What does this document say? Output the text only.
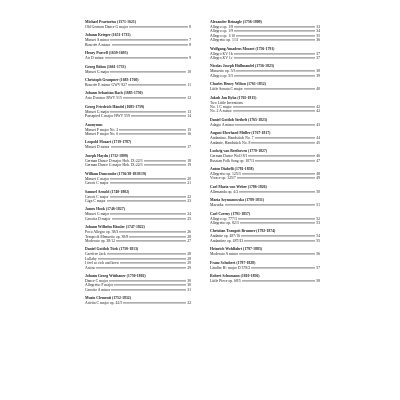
Michael Praetorius (1571-1621)
Old German Dance G major	8
Johann Krieger (1651-1735)
Minuet A minor	7
Bourrée A minor	8
Henry Purcell (1659-1695)
Air D minor	9
Georg Böhm (1661-1733)
Minuet G major	10
Christoph Graupner (1683-1760)
Bourrée E minor GWV 827	11
Johann Sebastian Bach (1685-1750)
Aria D minor BWV 515	12
Georg Friedrich Händel (1685-1759)
Minuet G major	13
Passepied C major HWV 559	14
Anonymus
Minuet F major No. 2	15
Minuet F major No. 6	16
Leopold Mozart (1719-1787)
Minuet D minor	17
Joseph Haydn (1732-1809)
German Dance D major Hob. IX:22/3	18
German Dance G major Hob. IX:22/3	19
William Duncombe (1736/38-1818/19)
Minuet C major	20
Gavott C major	21
Samuel Arnold (1740-1802)
Gavott C major	22
Giga C major	23
James Hook (1746-1827)
Minuet G major	24
Gavotta D major	25
Johann Wilhelm Hässler (1747-1822)
Poco Allegro op. 38/3	26
Tempo di Menuetto op. 38/8	28
Moderato op. 38/12	27
Daniel Gottlob Türk (1750-1813)
Carefree Jack	28
Lullaby	28
I feel so rich and keen	29
Arioso	29
Johann Georg Witthauer (1750-1802)
Dance C major	30
Allegretto F major	30
Gavotte A minor	31
Muzio Clementi (1752-1832)
Arietta C major op. 42/5	32
Alexander Reinagle (1756-1809)
Allegro op. 1/8	33
Allegro op. 1/9	34
Allegro op. 1/10	35
Allegretto op. 1/11	36
Wolfgang Amadeus Mozart (1756-1791)
Allegro KV 1b	37
Allegro KV 1c	37
Nicolas Joseph Hüllmandel (1756-1823)
Minuetto op. 5/3	38
Allegro op. 5/5	39
Charles Henry Wilton (1761-1832)
Little Sonata C major	40
Jakub Jan Ryba (1765-1815)
Two Little Inventions
No. 1 C major	42
No. 2 A minor	42
Daniel Gottlob Steibelt (1765-1823)
Adagio A minor	43
August Eberhard Müller (1767-1817)
Andantino, Handstück No. 7	44
Andante, Handstück No. 8	45
Ludwig van Beethoven (1770-1827)
German Dance WoO 8/1	46
Russian Folk Song op. 107/3	47
Anton Diabelli (1781-1858)
Allegretto op. 125/3	48
Vivace op. 125/7	49
Carl Maria von Weber (1786-1826)
Allemanda op. 4/2	50
Maria Szymanowska (1789-1831)
Mazurka	51
Carl Czerny (1791-1857)
Allegro op. 777/3	52
Allegretto op. 82/3	53
Christian Traugott Brunner (1792-1874)
Andante op. 487/16	54
Andantino op. 487/43	55
Heinrich Wohlfahrt (1797-1883)
Moderato A minor	56
Franz Schubert (1797-1828)
Ländler B♭ major D 378/2	57
Robert Schumann (1810-1856)
Little Piece op. 68/5	58
